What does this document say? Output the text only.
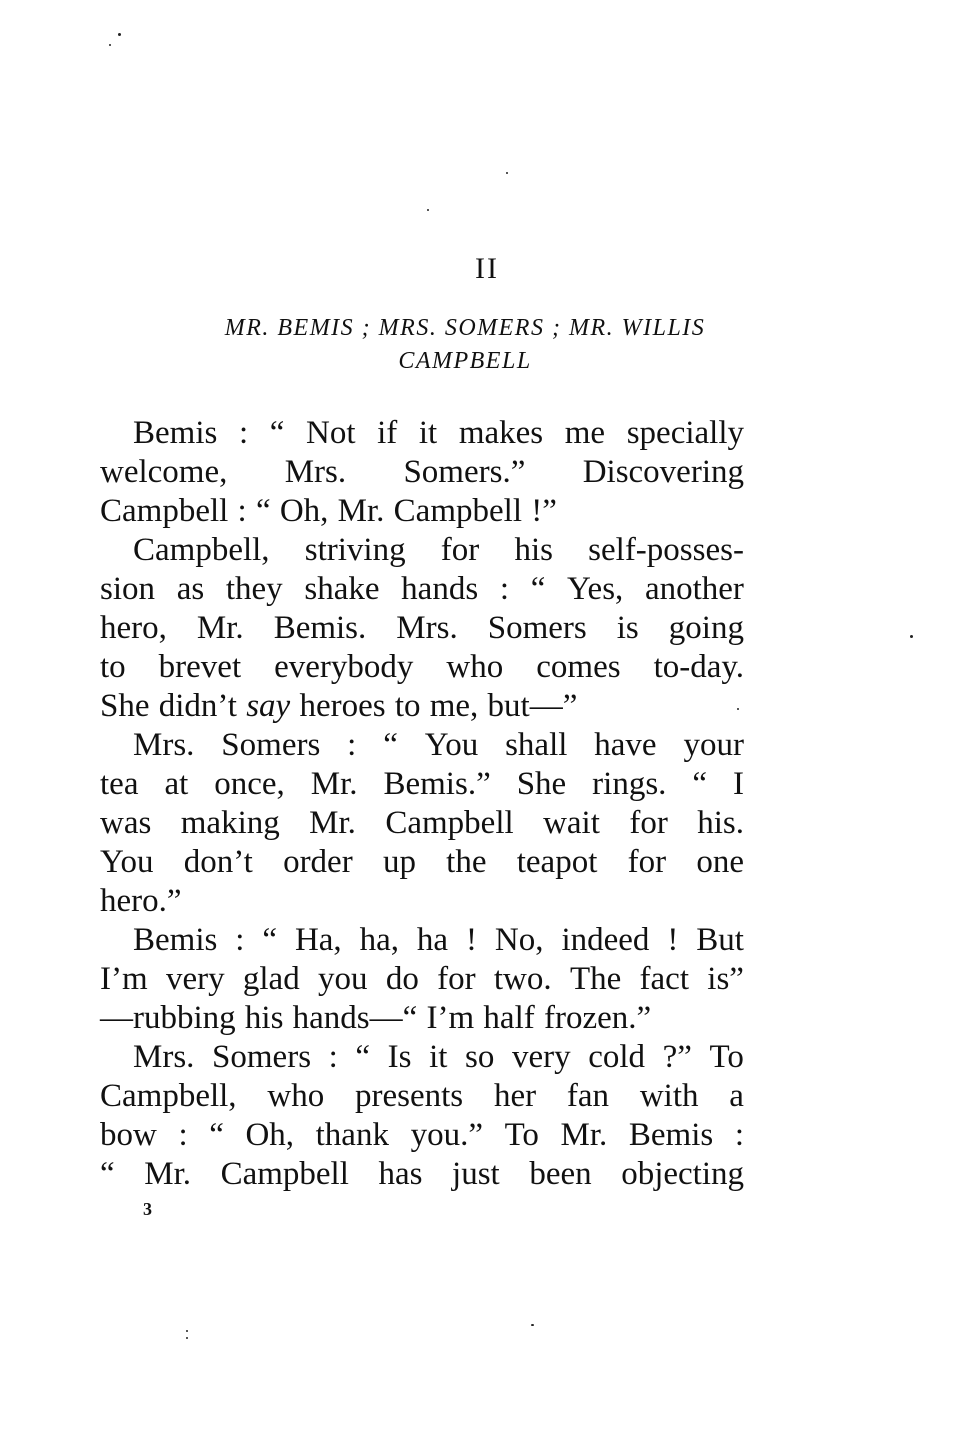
II
MR. BEMIS ; MRS. SOMERS ; MR. WILLIS
CAMPBELL
Bemis : “ Not if it makes me specially
welcome, Mrs. Somers.” Discovering
Campbell : “ Oh, Mr. Campbell !”
Campbell, striving for his self-posses-
sion as they shake hands : “ Yes, another
hero, Mr. Bemis. Mrs. Somers is going
to brevet everybody who comes to-day.
She didn’t say heroes to me, but—”
Mrs. Somers : “ You shall have your
tea at once, Mr. Bemis.” She rings. “ I
was making Mr. Campbell wait for his.
You don’t order up the teapot for one
hero.”
Bemis : “ Ha, ha, ha ! No, indeed ! But
I’m very glad you do for two. The fact is”
—rubbing his hands—“ I’m half frozen.”
Mrs. Somers : “ Is it so very cold ?” To
Campbell, who presents her fan with a
bow : “ Oh, thank you.” To Mr. Bemis :
“ Mr. Campbell has just been objecting
3
